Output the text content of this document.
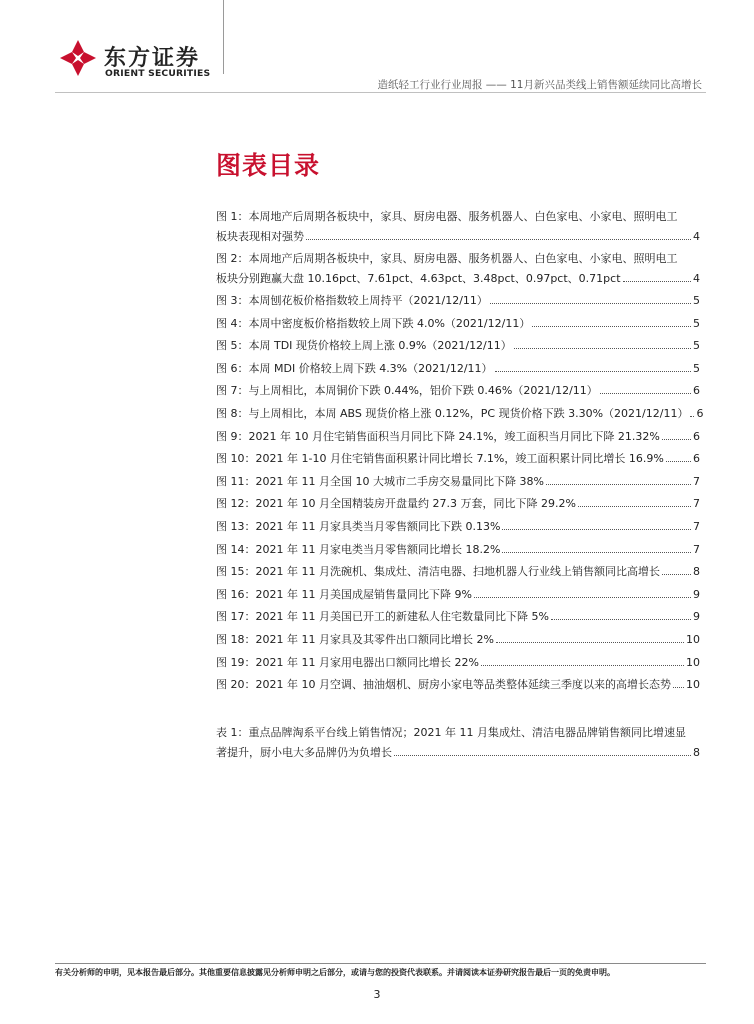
东方证券
ORIENT SECURITIES
造纸轻工行业行业周报 —— 11月新兴品类线上销售额延续同比高增长
图表目录
图 1：本周地产后周期各板块中，家具、厨房电器、服务机器人、白色家电、小家电、照明电工
板块表现相对强势	4
图 2：本周地产后周期各板块中，家具、厨房电器、服务机器人、白色家电、小家电、照明电工
板块分别跑赢大盘 10.16pct、7.61pct、4.63pct、3.48pct、0.97pct、0.71pct	4
图 3：本周刨花板价格指数较上周持平（2021/12/11）	5
图 4：本周中密度板价格指数较上周下跌 4.0%（2021/12/11）	5
图 5：本周 TDI 现货价格较上周上涨 0.9%（2021/12/11）	5
图 6：本周 MDI 价格较上周下跌 4.3%（2021/12/11）	5
图 7：与上周相比，本周铜价下跌 0.44%，铝价下跌 0.46%（2021/12/11）	6
图 8：与上周相比，本周 ABS 现货价格上涨 0.12%，PC 现货价格下跌 3.30%（2021/12/11） 6
图 9：2021 年 10 月住宅销售面积当月同比下降 24.1%，竣工面积当月同比下降 21.32%	6
图 10：2021 年 1-10 月住宅销售面积累计同比增长 7.1%，竣工面积累计同比增长 16.9%	6
图 11：2021 年 11 月全国 10 大城市二手房交易量同比下降 38%	7
图 12：2021 年 10 月全国精装房开盘量约 27.3 万套，同比下降 29.2%	7
图 13：2021 年 11 月家具类当月零售额同比下跌 0.13%	7
图 14：2021 年 11 月家电类当月零售额同比增长 18.2%	7
图 15：2021 年 11 月洗碗机、集成灶、清洁电器、扫地机器人行业线上销售额同比高增长	8
图 16：2021 年 11 月美国成屋销售量同比下降 9%	9
图 17：2021 年 11 月美国已开工的新建私人住宅数量同比下降 5%	9
图 18：2021 年 11 月家具及其零件出口额同比增长 2%	10
图 19：2021 年 11 月家用电器出口额同比增长 22%	10
图 20：2021 年 10 月空调、抽油烟机、厨房小家电等品类整体延续三季度以来的高增长态势 10
表 1：重点品牌淘系平台线上销售情况；2021 年 11 月集成灶、清洁电器品牌销售额同比增速显
著提升，厨小电大多品牌仍为负增长	8
有关分析师的申明，见本报告最后部分。其他重要信息披露见分析师申明之后部分，或请与您的投资代表联系。并请阅读本证券研究报告最后一页的免责申明。
3
